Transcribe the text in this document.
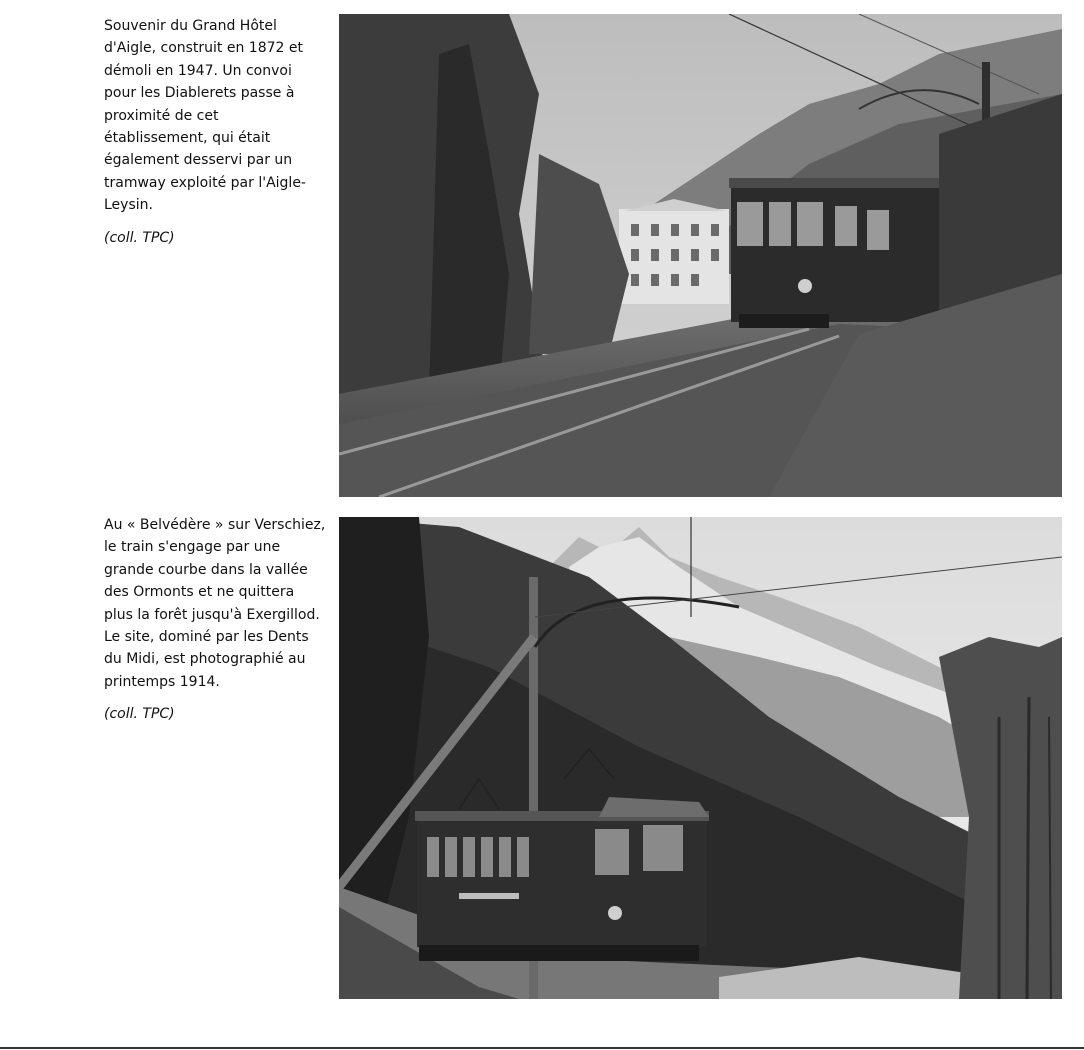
Souvenir du Grand Hôtel d'Aigle, construit en 1872 et démoli en 1947. Un convoi pour les Diablerets passe à proximité de cet établissement, qui était également desservi par un tramway exploité par l'Aigle-Leysin.

(coll. TPC)

Au « Belvédère » sur Verschiez, le train s'engage par une grande courbe dans la vallée des Ormonts et ne quittera plus la forêt jusqu'à Exergillod. Le site, dominé par les Dents du Midi, est photographié au printemps 1914.

(coll. TPC)
